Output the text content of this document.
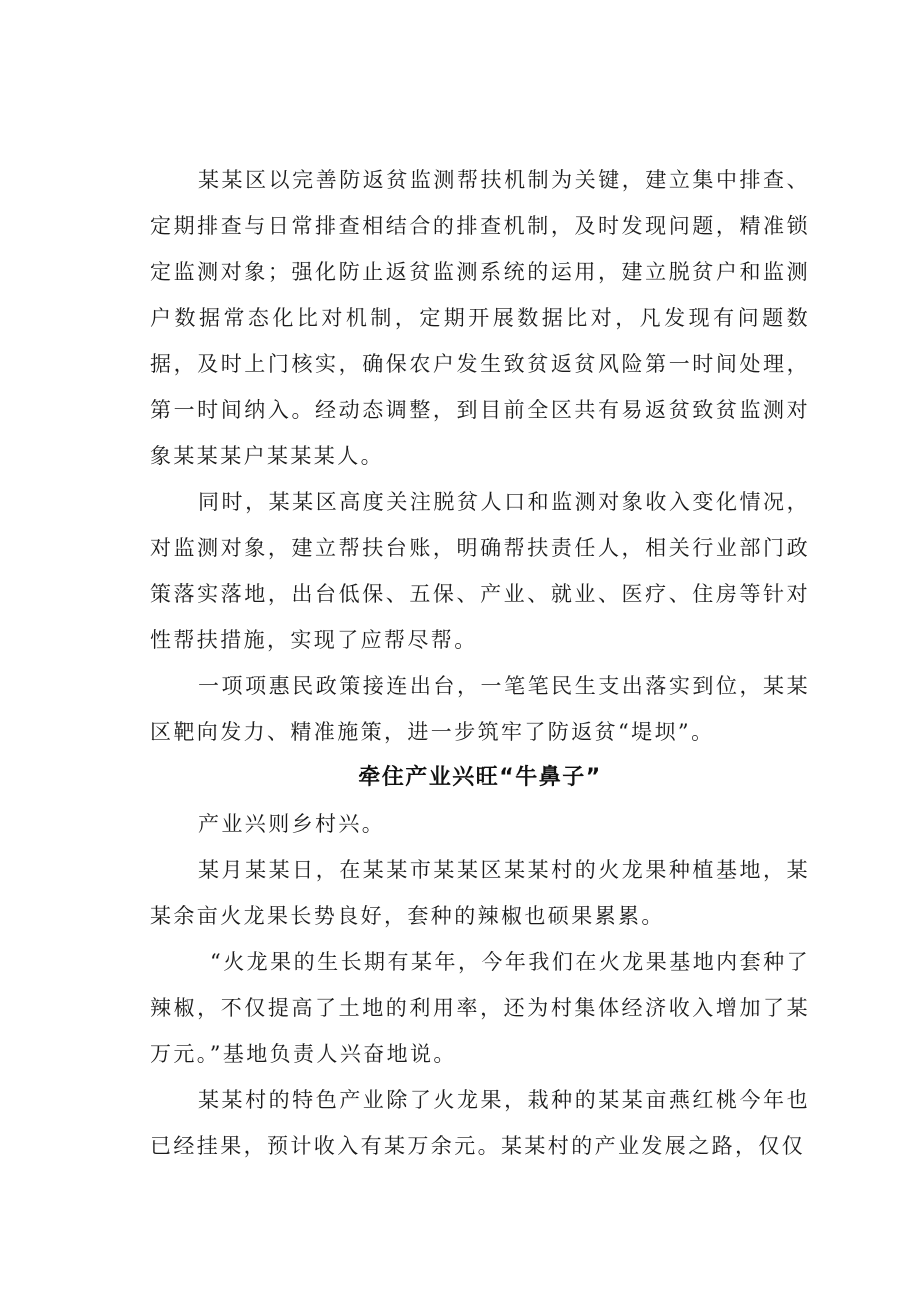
某某区以完善防返贫监测帮扶机制为关键，建立集中排查、定期排查与日常排查相结合的排查机制，及时发现问题，精准锁定监测对象；强化防止返贫监测系统的运用，建立脱贫户和监测户数据常态化比对机制，定期开展数据比对，凡发现有问题数据，及时上门核实，确保农户发生致贫返贫风险第一时间处理，第一时间纳入。经动态调整，到目前全区共有易返贫致贫监测对象某某某户某某某人。

同时，某某区高度关注脱贫人口和监测对象收入变化情况，对监测对象，建立帮扶台账，明确帮扶责任人，相关行业部门政策落实落地，出台低保、五保、产业、就业、医疗、住房等针对性帮扶措施，实现了应帮尽帮。

一项项惠民政策接连出台，一笔笔民生支出落实到位，某某区靶向发力、精准施策，进一步筑牢了防返贫“堤坝”。

牵住产业兴旺“牛鼻子”

产业兴则乡村兴。

某月某某日，在某某市某某区某某村的火龙果种植基地，某某余亩火龙果长势良好，套种的辣椒也硕果累累。

“火龙果的生长期有某年，今年我们在火龙果基地内套种了辣椒，不仅提高了土地的利用率，还为村集体经济收入增加了某万元。”基地负责人兴奋地说。

某某村的特色产业除了火龙果，栽种的某某亩燕红桃今年也已经挂果，预计收入有某万余元。某某村的产业发展之路，仅仅
